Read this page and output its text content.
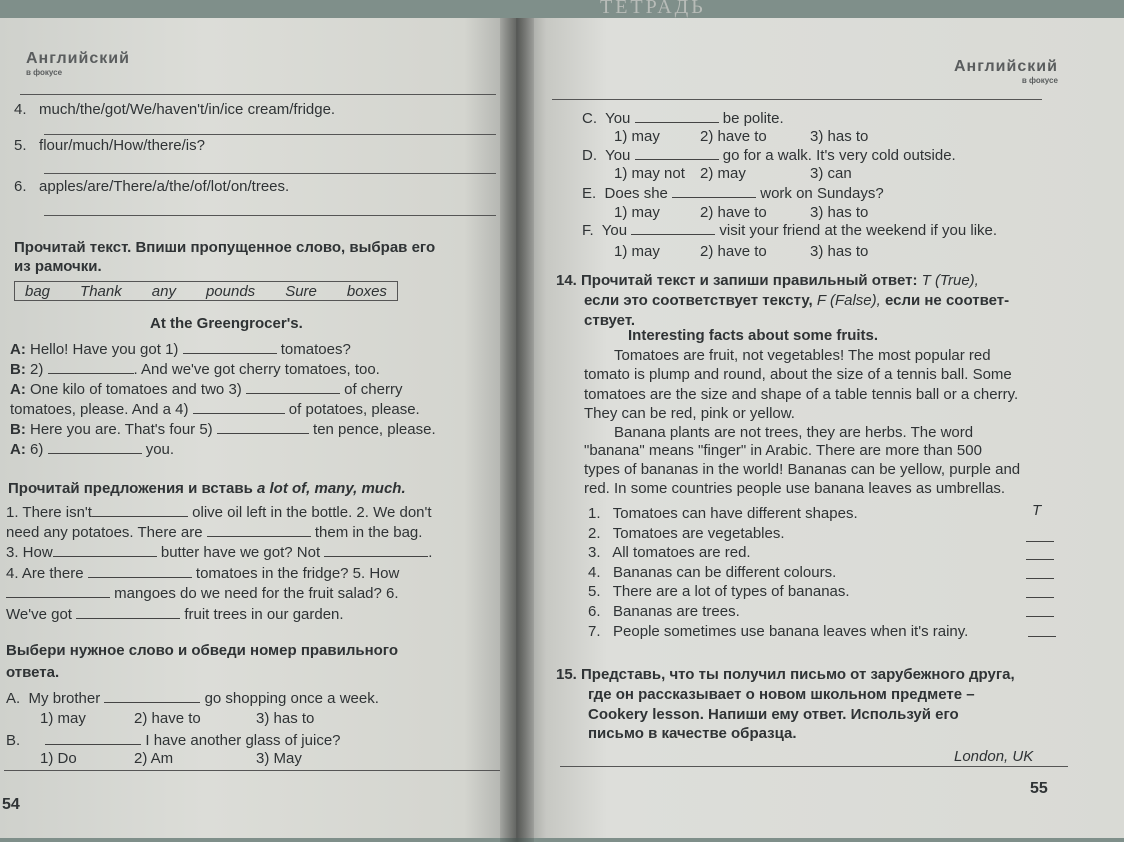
ТЕТРАДЬ
Английский
в фокусе
4. much/the/got/We/haven't/in/ice cream/fridge.
5. flour/much/How/there/is?
6. apples/are/There/a/the/of/lot/on/trees.
Прочитай текст. Впиши пропущенное слово, выбрав его
из рамочки.
bag Thank any pounds Sure boxes
At the Greengrocer's.
A: Hello! Have you got 1)	tomatoes?
B: 2)	. And we've got cherry tomatoes, too.
A: One kilo of tomatoes and two 3)	of cherry
tomatoes, please. And a 4)	of potatoes, please.
B: Here you are. That's four 5)	ten pence, please.
A: 6)	you.
Прочитай предложения и вставь a lot of, many, much.
1. There isn't	olive oil left in the bottle. 2. We don't
need any potatoes. There are	them in the bag.
3. How	butter have we got? Not	.
4. Are there	tomatoes in the fridge? 5. How
mangoes do we need for the fruit salad? 6.
We've got	fruit trees in our garden.
Выбери нужное слово и обведи номер правильного
ответа.
A. My brother	go shopping once a week.
1) may	2) have to	3) has to
B.	I have another glass of juice?
1) Do	2) Am	3) May
54
Английский
в фокусе
C. You	be polite.
1) may	2) have to	3) has to
D. You	go for a walk. It's very cold outside.
1) may not 2) may	3) can
E. Does she	work on Sundays?
1) may	2) have to	3) has to
F. You	visit your friend at the weekend if you like.
1) may	2) have to	3) has to
14. Прочитай текст и запиши правильный ответ: T (True),
если это соответствует тексту, F (False), если не соответ-
ствует.
Interesting facts about some fruits.
Tomatoes are fruit, not vegetables! The most popular red
tomato is plump and round, about the size of a tennis ball. Some
tomatoes are the size and shape of a table tennis ball or a cherry.
They can be red, pink or yellow.
Banana plants are not trees, they are herbs. The word
"banana" means "finger" in Arabic. There are more than 500
types of bananas in the world! Bananas can be yellow, purple and
red. In some countries people use banana leaves as umbrellas.
1. Tomatoes can have different shapes.	T
2. Tomatoes are vegetables.
3. All tomatoes are red.
4. Bananas can be different colours.
5. There are a lot of types of bananas.
6. Bananas are trees.
7. People sometimes use banana leaves when it's rainy.
15. Представь, что ты получил письмо от зарубежного друга,
где он рассказывает о новом школьном предмете –
Cookery lesson. Напиши ему ответ. Используй его
письмо в качестве образца.
London, UK
55
